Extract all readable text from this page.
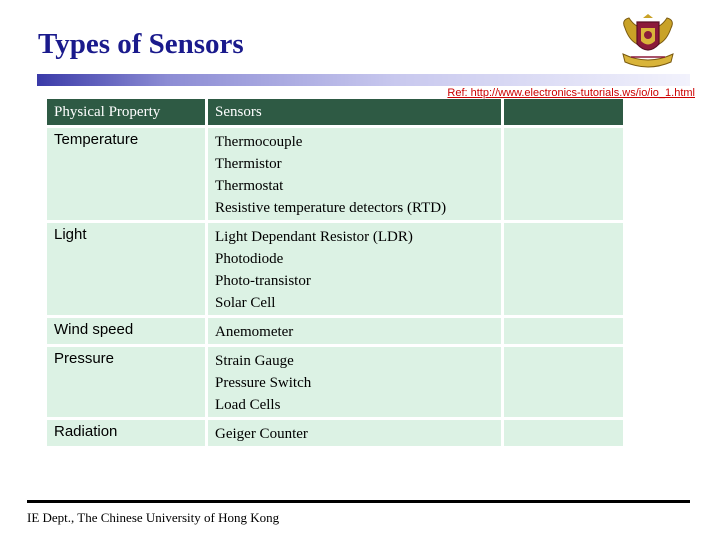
Types of Sensors
Ref: http://www.electronics-tutorials.ws/io/io_1.html
Physical Property	Sensors	
Temperature	Thermocouple
Thermistor
Thermostat
Resistive temperature detectors (RTD)	

Light	Light Dependant Resistor (LDR)
Photodiode
Photo-transistor
Solar Cell	

Wind speed	Anemometer	

Pressure	Strain Gauge
Pressure Switch
Load Cells	

Radiation	Geiger Counter	

IE Dept., The Chinese University of Hong Kong
